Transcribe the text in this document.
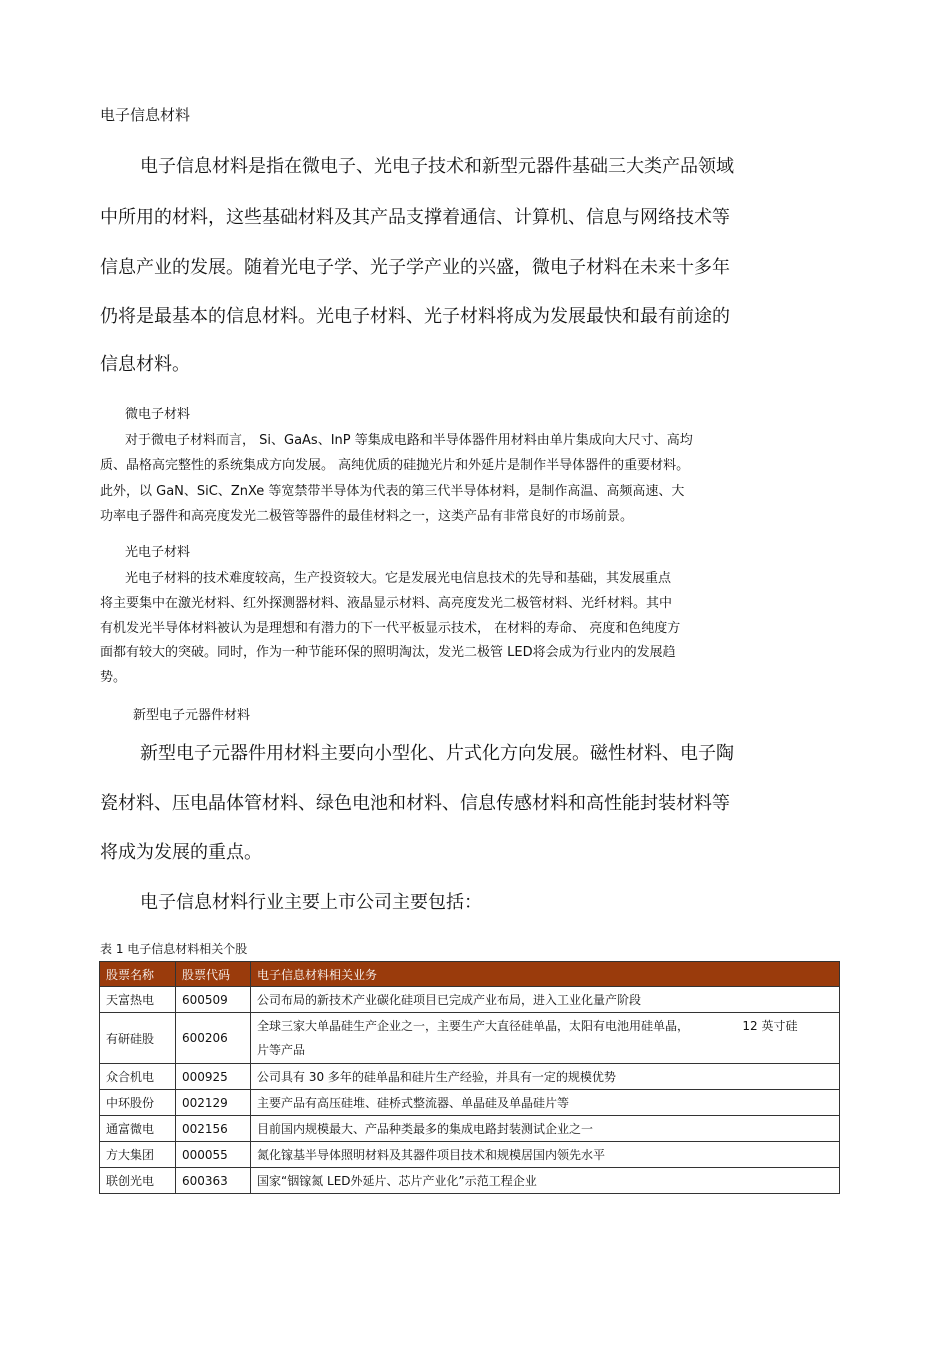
电子信息材料
电子信息材料是指在微电子、光电子技术和新型元器件基础三大类产品领域
中所用的材料，这些基础材料及其产品支撑着通信、计算机、信息与网络技术等
信息产业的发展。随着光电子学、光子学产业的兴盛，微电子材料在未来十多年
仍将是最基本的信息材料。光电子材料、光子材料将成为发展最快和最有前途的
信息材料。
微电子材料
对于微电子材料而言， Si、GaAs、InP 等集成电路和半导体器件用材料由单片集成向大尺寸、高均
质、晶格高完整性的系统集成方向发展。 高纯优质的硅抛光片和外延片是制作半导体器件的重要材料。
此外，以 GaN、SiC、ZnXe 等宽禁带半导体为代表的第三代半导体材料，是制作高温、高频高速、大
功率电子器件和高亮度发光二极管等器件的最佳材料之一，这类产品有非常良好的市场前景。
光电子材料
光电子材料的技术难度较高，生产投资较大。它是发展光电信息技术的先导和基础，其发展重点
将主要集中在激光材料、红外探测器材料、液晶显示材料、高亮度发光二极管材料、光纤材料。其中
有机发光半导体材料被认为是理想和有潜力的下一代平板显示技术， 在材料的寿命、 亮度和色纯度方
面都有较大的突破。同时，作为一种节能环保的照明淘汰，发光二极管 LED将会成为行业内的发展趋
势。
新型电子元器件材料
新型电子元器件用材料主要向小型化、片式化方向发展。磁性材料、电子陶
瓷材料、压电晶体管材料、绿色电池和材料、信息传感材料和高性能封装材料等
将成为发展的重点。
电子信息材料行业主要上市公司主要包括：
表 1 电子信息材料相关个股
股票名称	股票代码	电子信息材料相关业务
天富热电	600509	公司布局的新技术产业碳化硅项目已完成产业布局，进入工业化量产阶段
有研硅股	600206	全球三家大单晶硅生产企业之一，主要生产大直径硅单晶，太阳有电池用硅单晶，              12 英寸硅
片等产品

众合机电	000925	公司具有 30 多年的硅单晶和硅片生产经验，并具有一定的规模优势
中环股份	002129	主要产品有高压硅堆、硅桥式整流器、单晶硅及单晶硅片等
通富微电	002156	目前国内规模最大、产品种类最多的集成电路封装测试企业之一
方大集团	000055	氮化镓基半导体照明材料及其器件项目技术和规模居国内领先水平
联创光电	600363	国家“铟镓氮 LED外延片、芯片产业化”示范工程企业
